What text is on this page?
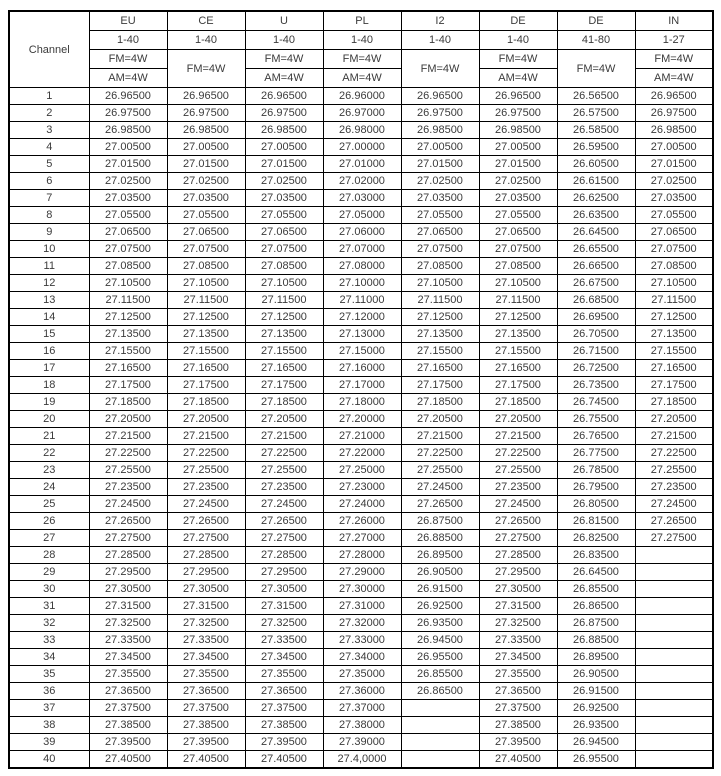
Channel	EU	CE	U	PL	I2	DE	DE	IN
	1-40	1-40	1-40	1-40	1-40	1-40	41-80	1-27
	FM=4W	FM=4W	FM=4W	FM=4W	FM=4W	FM=4W	FM=4W	FM=4W
	AM=4W		AM=4W	AM=4W		AM=4W		AM=4W
1	26.96500	26.96500	26.96500	26.96000	26.96500	26.96500	26.56500	26.96500
2	26.97500	26.97500	26.97500	26.97000	26.97500	26.97500	26.57500	26.97500
3	26.98500	26.98500	26.98500	26.98000	26.98500	26.98500	26.58500	26.98500
4	27.00500	27.00500	27.00500	27.00000	27.00500	27.00500	26.59500	27.00500
5	27.01500	27.01500	27.01500	27.01000	27.01500	27.01500	26.60500	27.01500
6	27.02500	27.02500	27.02500	27.02000	27.02500	27.02500	26.61500	27.02500
7	27.03500	27.03500	27.03500	27.03000	27.03500	27.03500	26.62500	27.03500
8	27.05500	27.05500	27.05500	27.05000	27.05500	27.05500	26.63500	27.05500
9	27.06500	27.06500	27.06500	27.06000	27.06500	27.06500	26.64500	27.06500
10	27.07500	27.07500	27.07500	27.07000	27.07500	27.07500	26.65500	27.07500
11	27.08500	27.08500	27.08500	27.08000	27.08500	27.08500	26.66500	27.08500
12	27.10500	27.10500	27.10500	27.10000	27.10500	27.10500	26.67500	27.10500
13	27.11500	27.11500	27.11500	27.11000	27.11500	27.11500	26.68500	27.11500
14	27.12500	27.12500	27.12500	27.12000	27.12500	27.12500	26.69500	27.12500
15	27.13500	27.13500	27.13500	27.13000	27.13500	27.13500	26.70500	27.13500
16	27.15500	27.15500	27.15500	27.15000	27.15500	27.15500	26.71500	27.15500
17	27.16500	27.16500	27.16500	27.16000	27.16500	27.16500	26.72500	27.16500
18	27.17500	27.17500	27.17500	27.17000	27.17500	27.17500	26.73500	27.17500
19	27.18500	27.18500	27.18500	27.18000	27.18500	27.18500	26.74500	27.18500
20	27.20500	27.20500	27.20500	27.20000	27.20500	27.20500	26.75500	27.20500
21	27.21500	27.21500	27.21500	27.21000	27.21500	27.21500	26.76500	27.21500
22	27.22500	27.22500	27.22500	27.22000	27.22500	27.22500	26.77500	27.22500
23	27.25500	27.25500	27.25500	27.25000	27.25500	27.25500	26.78500	27.25500
24	27.23500	27.23500	27.23500	27.23000	27.24500	27.23500	26.79500	27.23500
25	27.24500	27.24500	27.24500	27.24000	27.26500	27.24500	26.80500	27.24500
26	27.26500	27.26500	27.26500	27.26000	26.87500	27.26500	26.81500	27.26500
27	27.27500	27.27500	27.27500	27.27000	26.88500	27.27500	26.82500	27.27500
28	27.28500	27.28500	27.28500	27.28000	26.89500	27.28500	26.83500	
29	27.29500	27.29500	27.29500	27.29000	26.90500	27.29500	26.64500	
30	27.30500	27.30500	27.30500	27.30000	26.91500	27.30500	26.85500	
31	27.31500	27.31500	27.31500	27.31000	26.92500	27.31500	26.86500	
32	27.32500	27.32500	27.32500	27.32000	26.93500	27.32500	26.87500	
33	27.33500	27.33500	27.33500	27.33000	26.94500	27.33500	26.88500	
34	27.34500	27.34500	27.34500	27.34000	26.95500	27.34500	26.89500	
35	27.35500	27.35500	27.35500	27.35000	26.85500	27.35500	26.90500	
36	27.36500	27.36500	27.36500	27.36000	26.86500	27.36500	26.91500	
37	27.37500	27.37500	27.37500	27.37000		27.37500	26.92500	
38	27.38500	27.38500	27.38500	27.38000		27.38500	26.93500	
39	27.39500	27.39500	27.39500	27.39000		27.39500	26.94500	
40	27.40500	27.40500	27.40500	27.4,0000		27.40500	26.95500	
